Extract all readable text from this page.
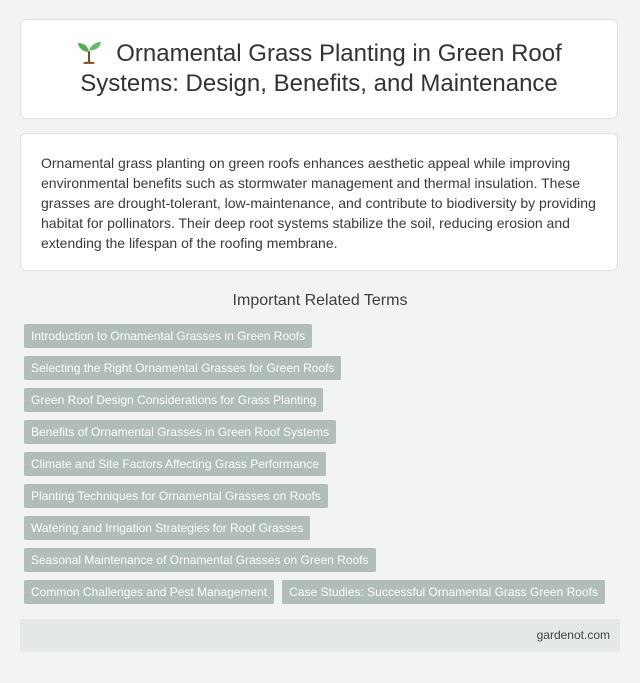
Ornamental Grass Planting in Green Roof
Systems: Design, Benefits, and Maintenance

Ornamental grass planting on green roofs enhances aesthetic appeal while improving environmental benefits such as stormwater management and thermal insulation. These grasses are drought-tolerant, low-maintenance, and contribute to biodiversity by providing habitat for pollinators. Their deep root systems stabilize the soil, reducing erosion and extending the lifespan of the roofing membrane.

Important Related Terms
Introduction to Ornamental Grasses in Green Roofs
Selecting the Right Ornamental Grasses for Green Roofs
Green Roof Design Considerations for Grass Planting
Benefits of Ornamental Grasses in Green Roof Systems
Climate and Site Factors Affecting Grass Performance
Planting Techniques for Ornamental Grasses on Roofs
Watering and Irrigation Strategies for Roof Grasses
Seasonal Maintenance of Ornamental Grasses on Green Roofs
Common Challenges and Pest Management	Case Studies: Successful Ornamental Grass Green Roofs
gardenot.com
